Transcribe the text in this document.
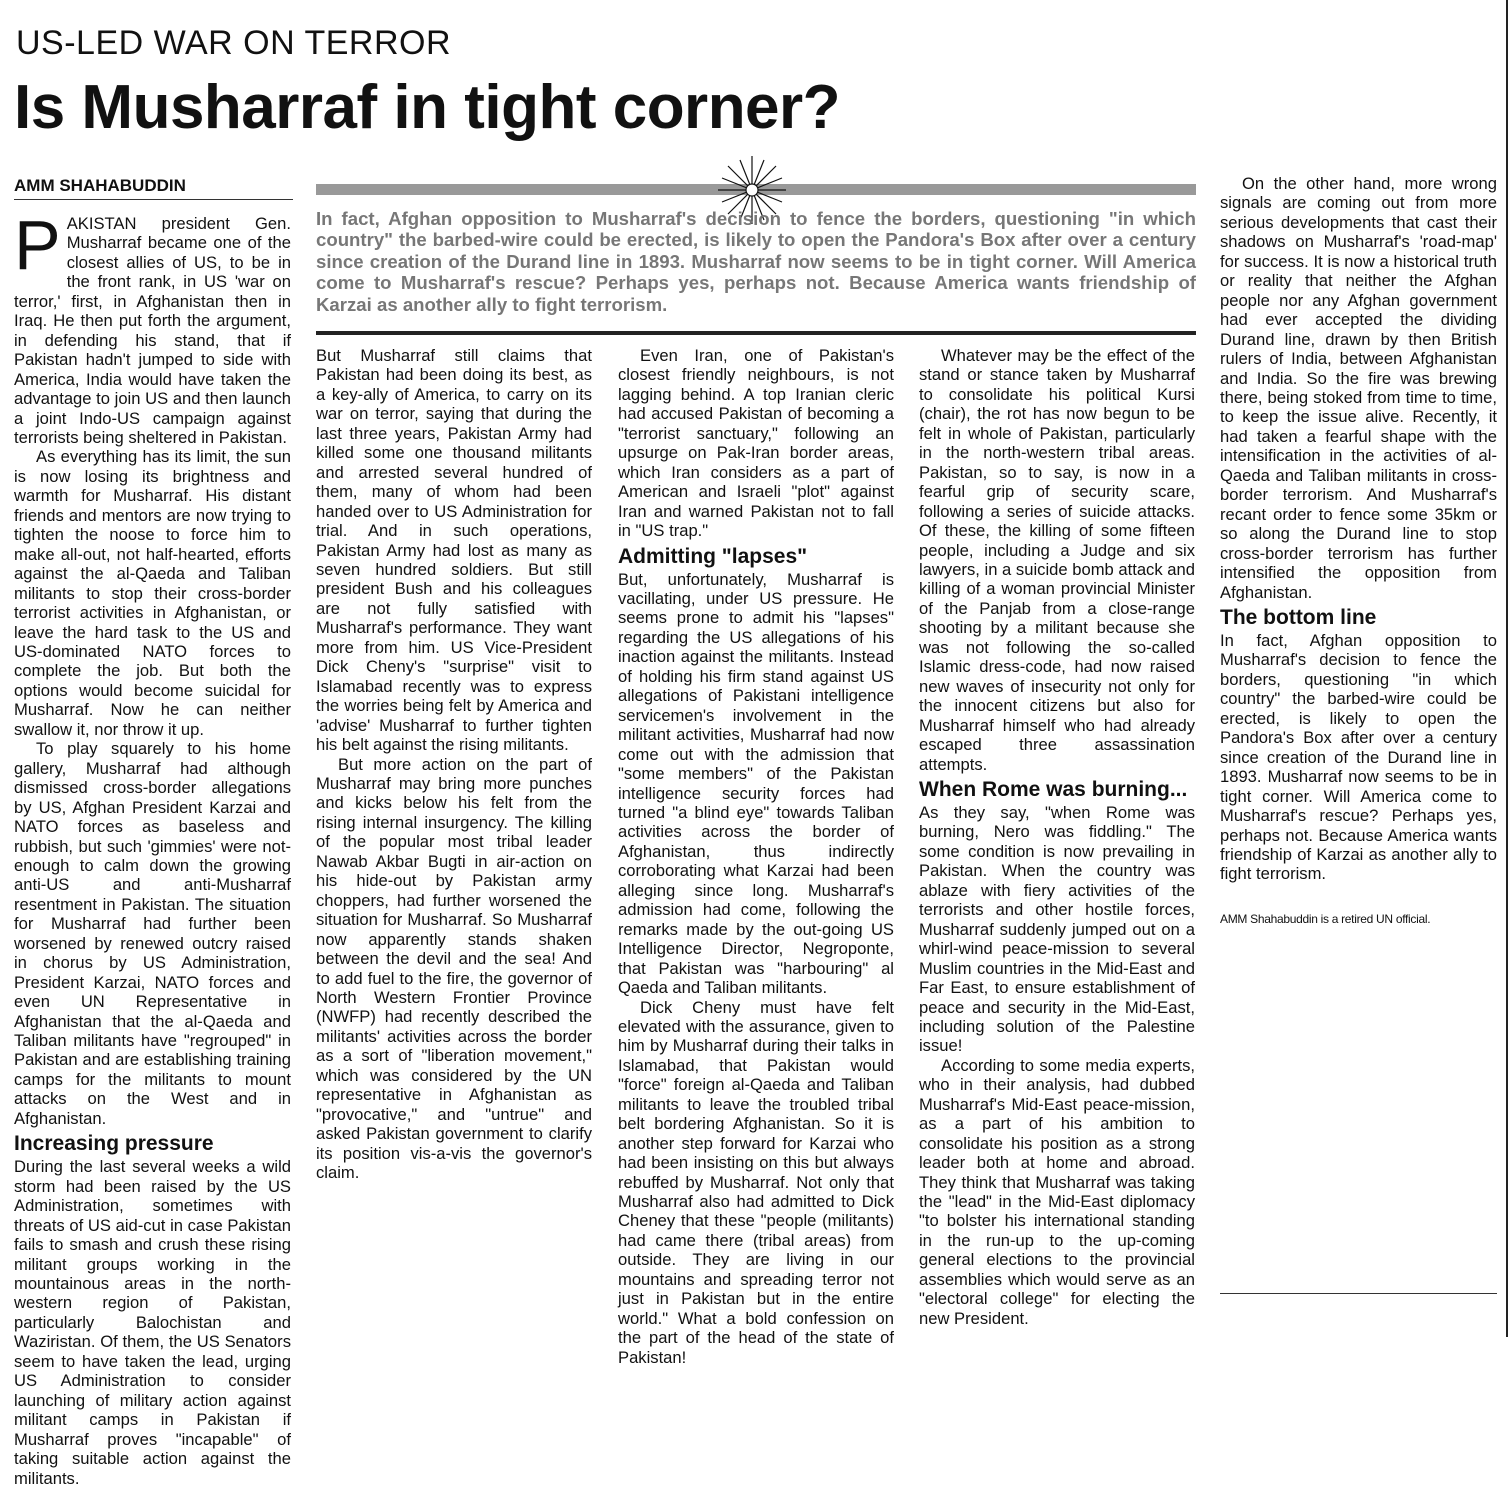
US-LED WAR ON TERROR
Is Musharraf in tight corner?
AMM SHAHABUDDIN

In fact, Afghan opposition to Musharraf's decision to fence the borders, questioning "in which country" the barbed-wire could be erected, is likely to open the Pandora's Box after over a century since creation of the Durand line in 1893. Musharraf now seems to be in tight corner. Will America come to Musharraf's rescue? Perhaps yes, perhaps not. Because America wants friendship of Karzai as another ally to fight terrorism.

PAKISTAN president Gen. Musharraf became one of the closest allies of US, to be in the front rank, in US 'war on terror,' first, in Afghanistan then in Iraq. He then put forth the argument, in defending his stand, that if Pakistan hadn't jumped to side with America, India would have taken the advantage to join US and then launch a joint Indo-US campaign against terrorists being sheltered in Pakistan.

As everything has its limit, the sun is now losing its brightness and warmth for Musharraf. His distant friends and mentors are now trying to tighten the noose to force him to make all-out, not half-hearted, efforts against the al-Qaeda and Taliban militants to stop their cross-border terrorist activities in Afghanistan, or leave the hard task to the US and US-dominated NATO forces to complete the job. But both the options would become suicidal for Musharraf. Now he can neither swallow it, nor throw it up.

To play squarely to his home gallery, Musharraf had although dismissed cross-border allegations by US, Afghan President Karzai and NATO forces as baseless and rubbish, but such 'gimmies' were not-enough to calm down the growing anti-US and anti-Musharraf resentment in Pakistan. The situation for Musharraf had further been worsened by renewed outcry raised in chorus by US Administration, President Karzai, NATO forces and even UN Representative in Afghanistan that the al-Qaeda and Taliban militants have "regrouped" in Pakistan and are establishing training camps for the militants to mount attacks on the West and in Afghanistan.

Increasing pressure

During the last several weeks a wild storm had been raised by the US Administration, sometimes with threats of US aid-cut in case Pakistan fails to smash and crush these rising militant groups working in the mountainous areas in the north-western region of Pakistan, particularly Balochistan and Waziristan. Of them, the US Senators seem to have taken the lead, urging US Administration to consider launching of military action against militant camps in Pakistan if Musharraf proves "incapable" of taking suitable action against the militants.

But Musharraf still claims that Pakistan had been doing its best, as a key-ally of America, to carry on its war on terror, saying that during the last three years, Pakistan Army had killed some one thousand militants and arrested several hundred of them, many of whom had been handed over to US Administration for trial. And in such operations, Pakistan Army had lost as many as seven hundred soldiers. But still president Bush and his colleagues are not fully satisfied with Musharraf's performance. They want more from him. US Vice-President Dick Cheny's "surprise" visit to Islamabad recently was to express the worries being felt by America and 'advise' Musharraf to further tighten his belt against the rising militants.

But more action on the part of Musharraf may bring more punches and kicks below his felt from the rising internal insurgency. The killing of the popular most tribal leader Nawab Akbar Bugti in air-action on his hide-out by Pakistan army choppers, had further worsened the situation for Musharraf. So Musharraf now apparently stands shaken between the devil and the sea! And to add fuel to the fire, the governor of North Western Frontier Province (NWFP) had recently described the militants' activities across the border as a sort of "liberation movement," which was considered by the UN representative in Afghanistan as "provocative," and "untrue" and asked Pakistan government to clarify its position vis-a-vis the governor's claim.

Even Iran, one of Pakistan's closest friendly neighbours, is not lagging behind. A top Iranian cleric had accused Pakistan of becoming a "terrorist sanctuary," following an upsurge on Pak-Iran border areas, which Iran considers as a part of American and Israeli "plot" against Iran and warned Pakistan not to fall in "US trap."

Admitting "lapses"

But, unfortunately, Musharraf is vacillating, under US pressure. He seems prone to admit his "lapses" regarding the US allegations of his inaction against the militants. Instead of holding his firm stand against US allegations of Pakistani intelligence servicemen's involvement in the militant activities, Musharraf had now come out with the admission that "some members" of the Pakistan intelligence security forces had turned "a blind eye" towards Taliban activities across the border of Afghanistan, thus indirectly corroborating what Karzai had been alleging since long. Musharraf's admission had come, following the remarks made by the out-going US Intelligence Director, Negroponte, that Pakistan was "harbouring" al Qaeda and Taliban militants.

Dick Cheny must have felt elevated with the assurance, given to him by Musharraf during their talks in Islamabad, that Pakistan would "force" foreign al-Qaeda and Taliban militants to leave the troubled tribal belt bordering Afghanistan. So it is another step forward for Karzai who had been insisting on this but always rebuffed by Musharraf. Not only that Musharraf also had admitted to Dick Cheney that these "people (militants) had came there (tribal areas) from outside. They are living in our mountains and spreading terror not just in Pakistan but in the entire world." What a bold confession on the part of the head of the state of Pakistan!

Whatever may be the effect of the stand or stance taken by Musharraf to consolidate his political Kursi (chair), the rot has now begun to be felt in whole of Pakistan, particularly in the north-western tribal areas. Pakistan, so to say, is now in a fearful grip of security scare, following a series of suicide attacks. Of these, the killing of some fifteen people, including a Judge and six lawyers, in a suicide bomb attack and killing of a woman provincial Minister of the Panjab from a close-range shooting by a militant because she was not following the so-called Islamic dress-code, had now raised new waves of insecurity not only for the innocent citizens but also for Musharraf himself who had already escaped three assassination attempts.

When Rome was burning...

As they say, "when Rome was burning, Nero was fiddling." The some condition is now prevailing in Pakistan. When the country was ablaze with fiery activities of the terrorists and other hostile forces, Musharraf suddenly jumped out on a whirl-wind peace-mission to several Muslim countries in the Mid-East and Far East, to ensure establishment of peace and security in the Mid-East, including solution of the Palestine issue!

According to some media experts, who in their analysis, had dubbed Musharraf's Mid-East peace-mission, as a part of his ambition to consolidate his position as a strong leader both at home and abroad. They think that Musharraf was taking the "lead" in the Mid-East diplomacy "to bolster his international standing in the run-up to the up-coming general elections to the provincial assemblies which would serve as an "electoral college" for electing the new President.

On the other hand, more wrong signals are coming out from more serious developments that cast their shadows on Musharraf's 'road-map' for success. It is now a historical truth or reality that neither the Afghan people nor any Afghan government had ever accepted the dividing Durand line, drawn by then British rulers of India, between Afghanistan and India. So the fire was brewing there, being stoked from time to time, to keep the issue alive. Recently, it had taken a fearful shape with the intensification in the activities of al-Qaeda and Taliban militants in cross-border terrorism. And Musharraf's recant order to fence some 35km or so along the Durand line to stop cross-border terrorism has further intensified the opposition from Afghanistan.

The bottom line

In fact, Afghan opposition to Musharraf's decision to fence the borders, questioning "in which country" the barbed-wire could be erected, is likely to open the Pandora's Box after over a century since creation of the Durand line in 1893. Musharraf now seems to be in tight corner. Will America come to Musharraf's rescue? Perhaps yes, perhaps not. Because America wants friendship of Karzai as another ally to fight terrorism.

AMM Shahabuddin is a retired UN official.
